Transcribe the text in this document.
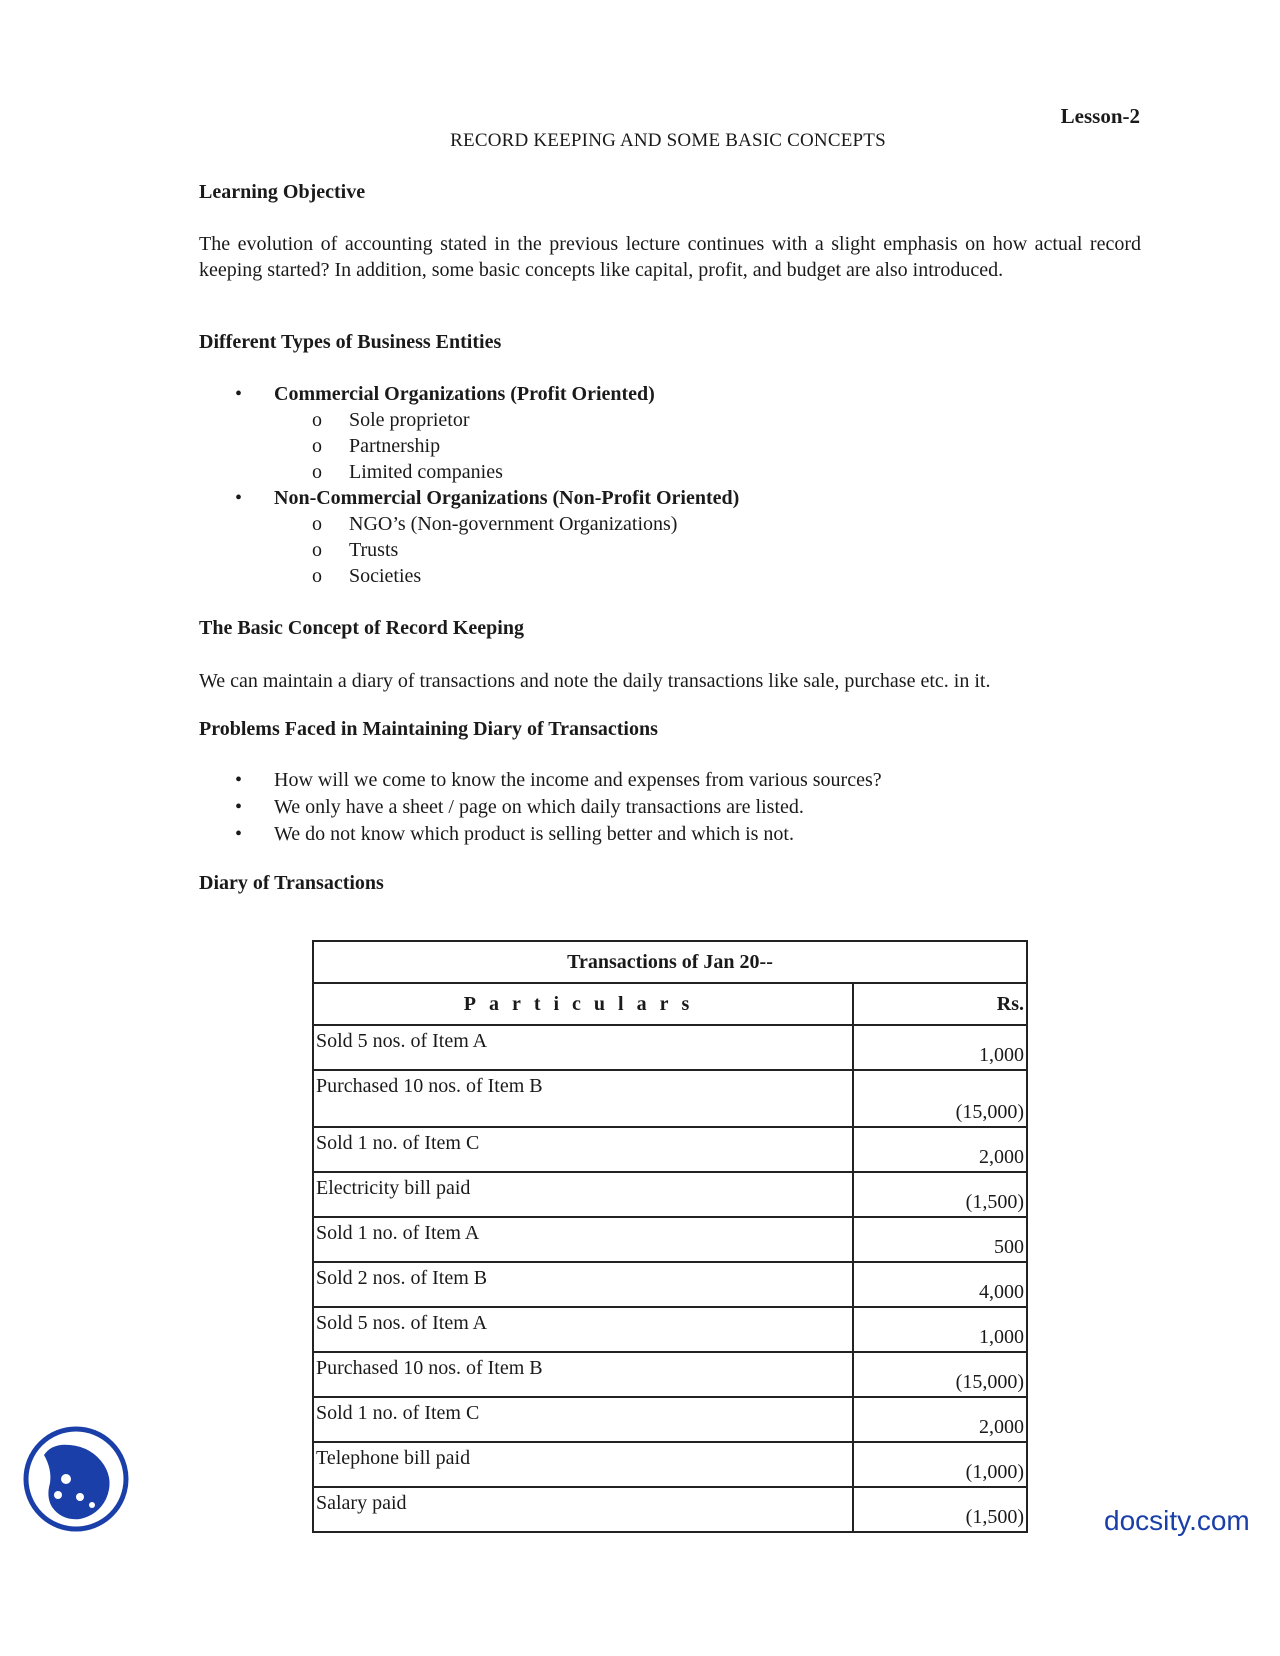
Lesson-2
RECORD KEEPING AND SOME BASIC CONCEPTS
Learning Objective

The evolution of accounting stated in the previous lecture continues with a slight emphasis on how actual record keeping started? In addition, some basic concepts like capital, profit, and budget are also introduced.

Different Types of Business Entities
• Commercial Organizations (Profit Oriented)
o Sole proprietor
o Partnership
o Limited companies
• Non-Commercial Organizations (Non-Profit Oriented)
o NGO’s (Non-government Organizations)
o Trusts
o Societies
The Basic Concept of Record Keeping

We can maintain a diary of transactions and note the daily transactions like sale, purchase etc. in it.

Problems Faced in Maintaining Diary of Transactions
• How will we come to know the income and expenses from various sources?
• We only have a sheet / page on which daily transactions are listed.
• We do not know which product is selling better and which is not.
Diary of Transactions
Transactions of Jan 20--	
Particulars	Rs.
Sold 5 nos. of Item A	1,000
Purchased 10 nos. of Item B	(15,000)
Sold 1 no. of Item C	2,000
Electricity bill paid	(1,500)
Sold 1 no. of Item A	500
Sold 2 nos. of Item B	4,000
Sold 5 nos. of Item A	1,000
Purchased 10 nos. of Item B	(15,000)
Sold 1 no. of Item C	2,000
Telephone bill paid	(1,000)
Salary paid	(1,500)	docsity.com
